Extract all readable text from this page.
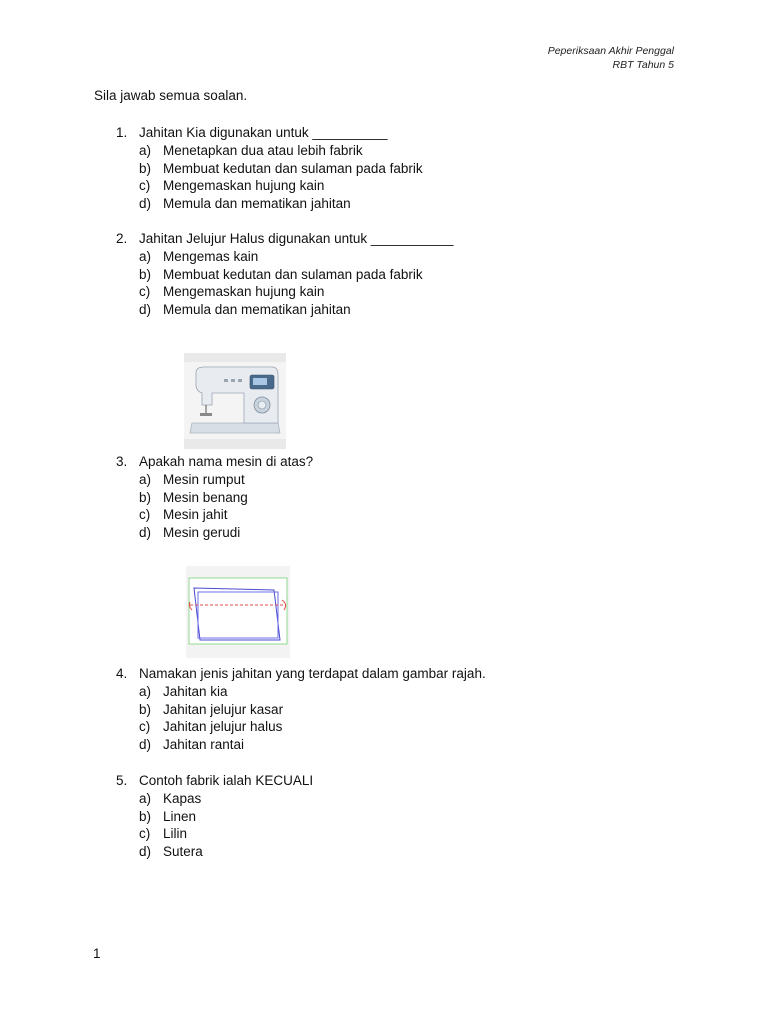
Peperiksaan Akhir Penggal
RBT Tahun 5
Sila jawab semua soalan.
1. Jahitan Kia digunakan untuk __________
a) Menetapkan dua atau lebih fabrik
b) Membuat kedutan dan sulaman pada fabrik
c) Mengemaskan hujung kain
d) Memula dan mematikan jahitan
2. Jahitan Jelujur Halus digunakan untuk ___________
a) Mengemas kain
b) Membuat kedutan dan sulaman pada fabrik
c) Mengemaskan hujung kain
d) Memula dan mematikan jahitan
3. Apakah nama mesin di atas?
a) Mesin rumput
b) Mesin benang
c) Mesin jahit
d) Mesin gerudi
4. Namakan jenis jahitan yang terdapat dalam gambar rajah.
a) Jahitan kia
b) Jahitan jelujur kasar
c) Jahitan jelujur halus
d) Jahitan rantai
5. Contoh fabrik ialah KECUALI
a) Kapas
b) Linen
c) Lilin
d) Sutera
1
